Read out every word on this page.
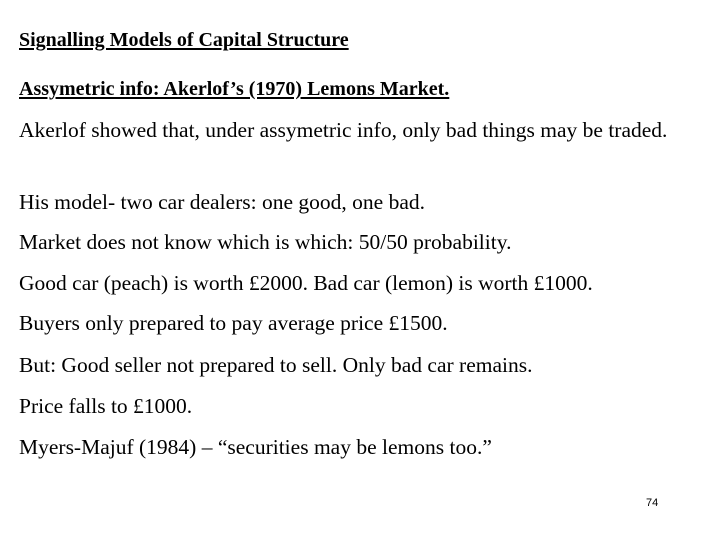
Signalling Models of Capital Structure

Assymetric info: Akerlof’s (1970) Lemons Market.

Akerlof showed that, under assymetric info, only bad things may be traded.

His model- two car dealers: one good, one bad.

Market does not know which is which: 50/50 probability.

Good car (peach) is worth £2000. Bad car (lemon) is worth £1000.

Buyers only prepared to pay average price £1500.

But: Good seller not prepared to sell. Only bad car remains.

Price falls to £1000.

Myers-Majuf (1984) – “securities may be lemons too.”

74
